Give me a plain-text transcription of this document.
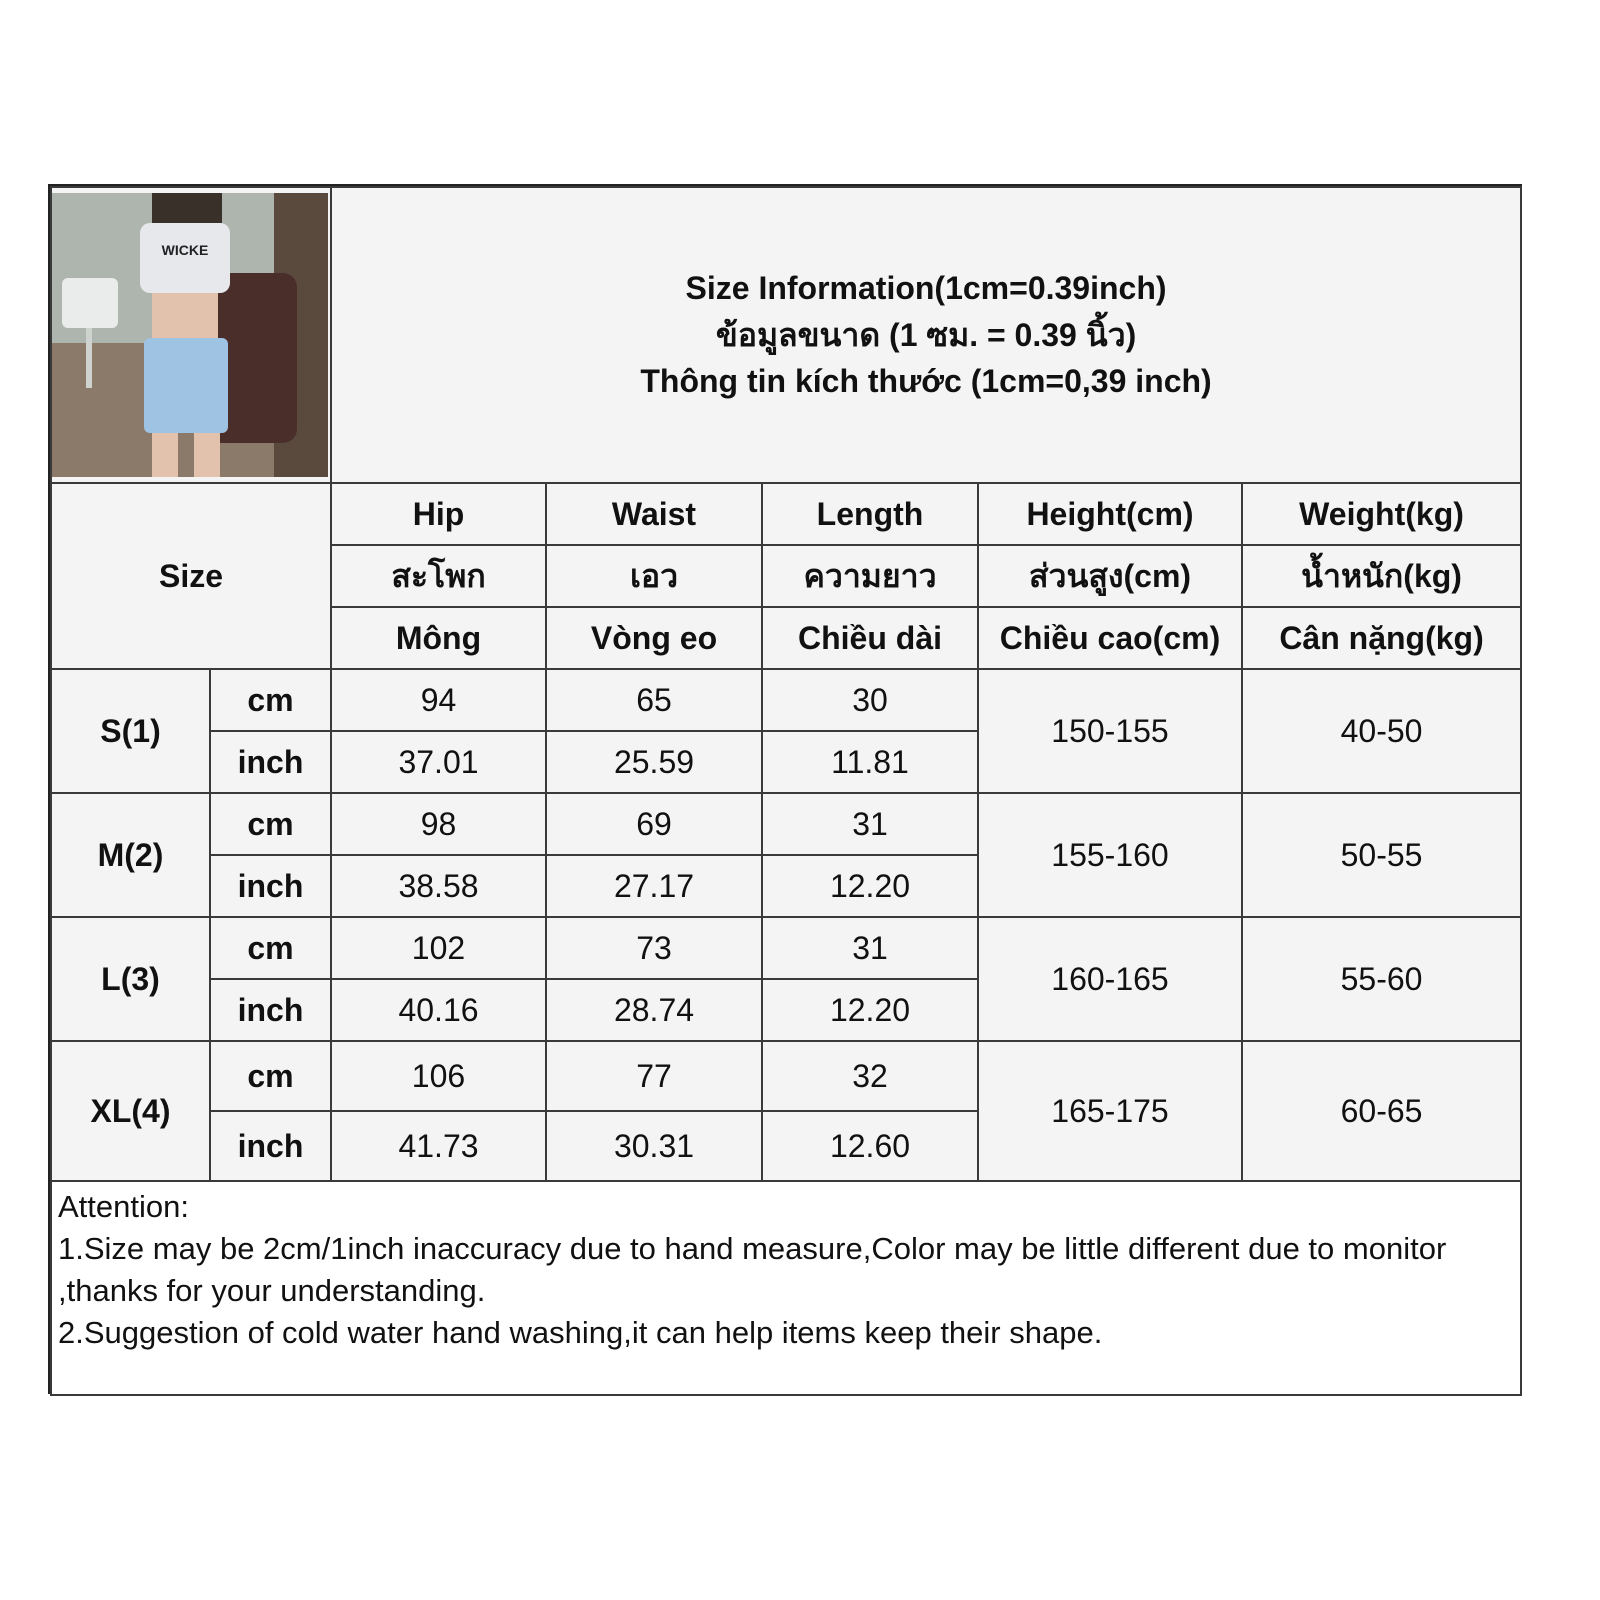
WICKE		Size Information(1cm=0.39inch)
ข้อมูลขนาด (1 ซม. = 0.39 นิ้ว)
Thông tin kích thước (1cm=0,39 inch)				

Size		Hip	Waist	Length	Height(cm)	Weight(kg)
		สะโพก	เอว	ความยาว	ส่วนสูง(cm)	น้ำหนัก(kg)
		Mông	Vòng eo	Chiều dài	Chiều cao(cm)	Cân nặng(kg)
S(1)	cm	94	65	30	150-155	40-50
	inch	37.01	25.59	11.81		
M(2)	cm	98	69	31	155-160	50-55
	inch	38.58	27.17	12.20		
L(3)	cm	102	73	31	160-165	55-60
	inch	40.16	28.74	12.20		
XL(4)	cm	106	77	32	165-175	60-65
	inch	41.73	30.31	12.60		

Attention:
1.Size may be 2cm/1inch inaccuracy due to hand measure,Color may be little different due to monitor
,thanks for your understanding.
2.Suggestion of cold water hand washing,it can help items keep their shape.						
